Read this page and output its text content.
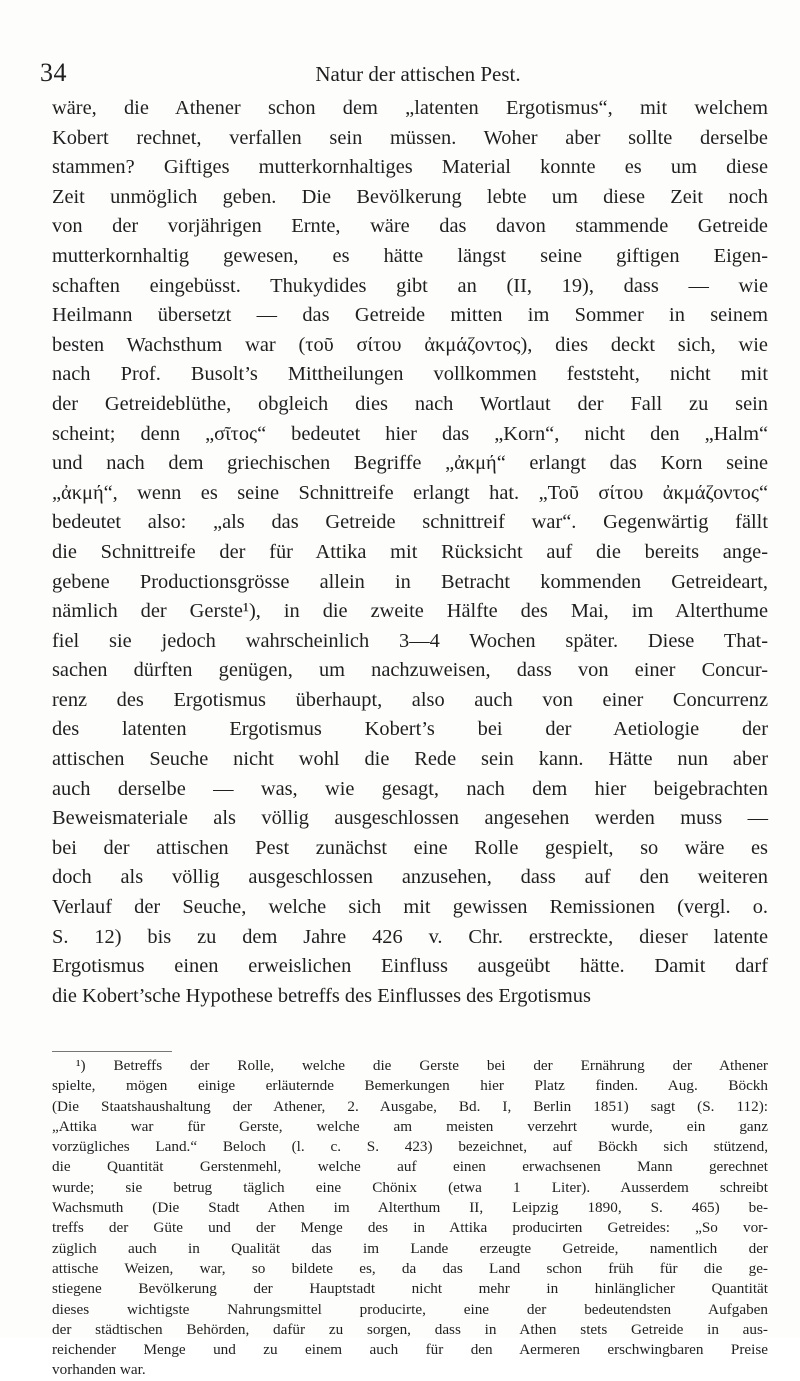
34	Natur der attischen Pest.
wäre, die Athener schon dem „latenten Ergotismus“, mit welchem
Kobert rechnet, verfallen sein müssen. Woher aber sollte derselbe
stammen? Giftiges mutterkornhaltiges Material konnte es um diese
Zeit unmöglich geben. Die Bevölkerung lebte um diese Zeit noch
von der vorjährigen Ernte, wäre das davon stammende Getreide
mutterkornhaltig gewesen, es hätte längst seine giftigen Eigen-
schaften eingebüsst. Thukydides gibt an (II, 19), dass — wie
Heilmann übersetzt — das Getreide mitten im Sommer in seinem
besten Wachsthum war (τοῦ σίτου ἀκμάζοντος), dies deckt sich, wie
nach Prof. Busolt’s Mittheilungen vollkommen feststeht, nicht mit
der Getreideblüthe, obgleich dies nach Wortlaut der Fall zu sein
scheint; denn „σῖτος“ bedeutet hier das „Korn“, nicht den „Halm“
und nach dem griechischen Begriffe „ἀκμή“ erlangt das Korn seine
„ἀκμή“, wenn es seine Schnittreife erlangt hat. „Τοῦ σίτου ἀκμάζοντος“
bedeutet also: „als das Getreide schnittreif war“. Gegenwärtig fällt
die Schnittreife der für Attika mit Rücksicht auf die bereits ange-
gebene Productionsgrösse allein in Betracht kommenden Getreideart,
nämlich der Gerste¹), in die zweite Hälfte des Mai, im Alterthume
fiel sie jedoch wahrscheinlich 3—4 Wochen später. Diese That-
sachen dürften genügen, um nachzuweisen, dass von einer Concur-
renz des Ergotismus überhaupt, also auch von einer Concurrenz
des latenten Ergotismus Kobert’s bei der Aetiologie der
attischen Seuche nicht wohl die Rede sein kann. Hätte nun aber
auch derselbe — was, wie gesagt, nach dem hier beigebrachten
Beweismateriale als völlig ausgeschlossen angesehen werden muss —
bei der attischen Pest zunächst eine Rolle gespielt, so wäre es
doch als völlig ausgeschlossen anzusehen, dass auf den weiteren
Verlauf der Seuche, welche sich mit gewissen Remissionen (vergl. o.
S. 12) bis zu dem Jahre 426 v. Chr. erstreckte, dieser latente
Ergotismus einen erweislichen Einfluss ausgeübt hätte. Damit darf
die Kobert’sche Hypothese betreffs des Einflusses des Ergotismus
¹) Betreffs der Rolle, welche die Gerste bei der Ernährung der Athener
spielte, mögen einige erläuternde Bemerkungen hier Platz finden. Aug. Böckh
(Die Staatshaushaltung der Athener, 2. Ausgabe, Bd. I, Berlin 1851) sagt (S. 112):
„Attika war für Gerste, welche am meisten verzehrt wurde, ein ganz
vorzügliches Land.“ Beloch (l. c. S. 423) bezeichnet, auf Böckh sich stützend,
die Quantität Gerstenmehl, welche auf einen erwachsenen Mann gerechnet
wurde; sie betrug täglich eine Chönix (etwa 1 Liter). Ausserdem schreibt
Wachsmuth (Die Stadt Athen im Alterthum II, Leipzig 1890, S. 465) be-
treffs der Güte und der Menge des in Attika producirten Getreides: „So vor-
züglich auch in Qualität das im Lande erzeugte Getreide, namentlich der
attische Weizen, war, so bildete es, da das Land schon früh für die ge-
stiegene Bevölkerung der Hauptstadt nicht mehr in hinlänglicher Quantität
dieses wichtigste Nahrungsmittel producirte, eine der bedeutendsten Aufgaben
der städtischen Behörden, dafür zu sorgen, dass in Athen stets Getreide in aus-
reichender Menge und zu einem auch für den Aermeren erschwingbaren Preise
vorhanden war.
